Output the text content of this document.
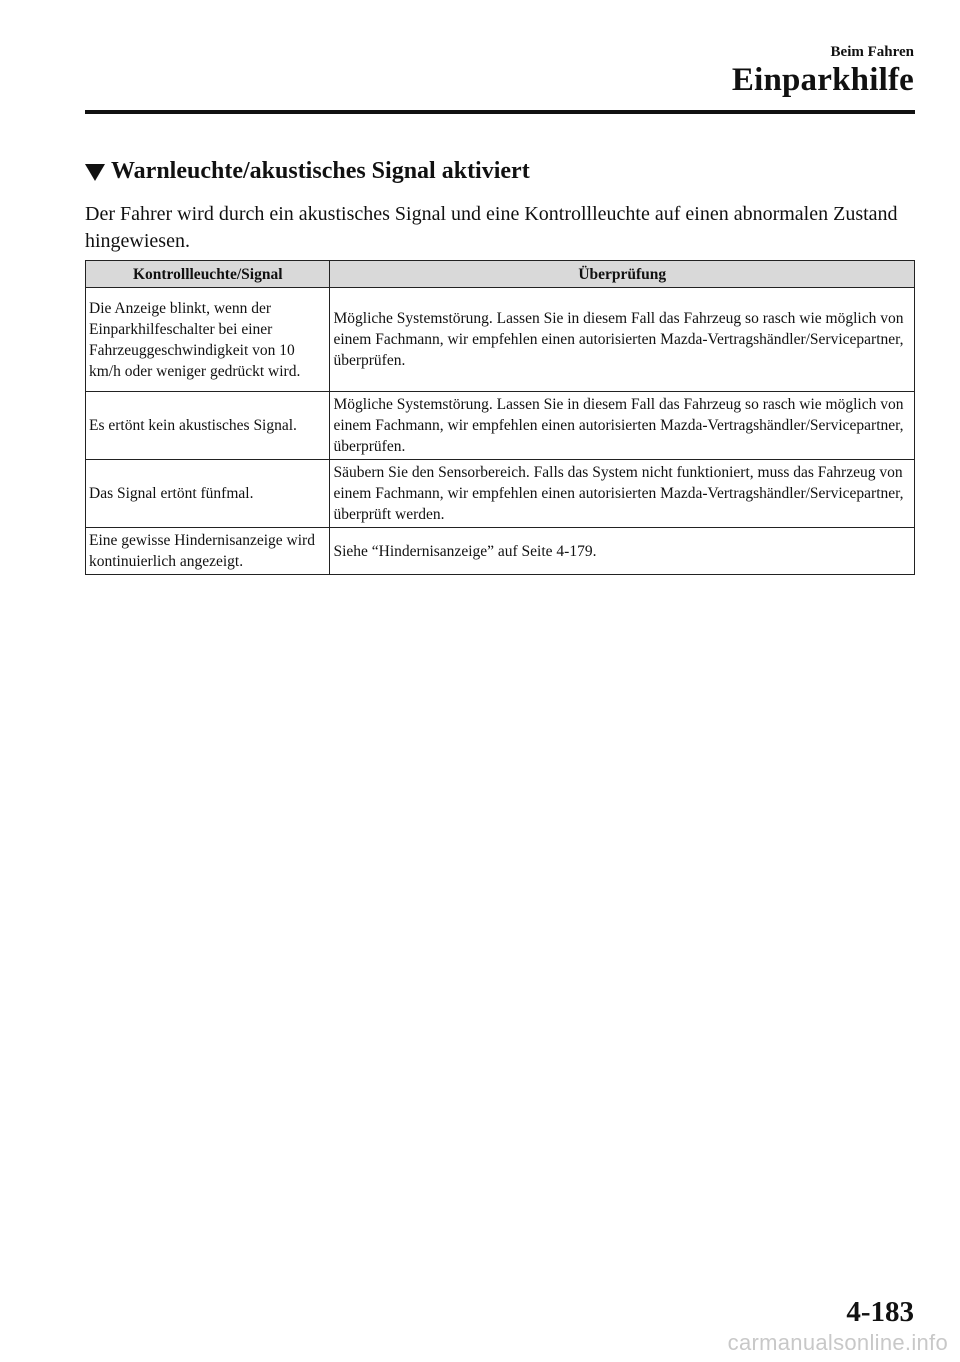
Beim Fahren
Einparkhilfe
Warnleuchte/akustisches Signal aktiviert
Der Fahrer wird durch ein akustisches Signal und eine Kontrollleuchte auf einen abnormalen Zustand hingewiesen.
Kontrollleuchte/Signal	Überprüfung
Die Anzeige blinkt, wenn der Einparkhilfeschalter bei einer Fahrzeuggeschwindigkeit von 10 km/h oder weniger gedrückt wird.	Mögliche Systemstörung. Lassen Sie in diesem Fall das Fahrzeug so rasch wie möglich von einem Fachmann, wir empfehlen einen autorisierten Mazda-Vertragshändler/Servicepartner, überprüfen.
Es ertönt kein akustisches Signal.	Mögliche Systemstörung. Lassen Sie in diesem Fall das Fahrzeug so rasch wie möglich von einem Fachmann, wir empfehlen einen autorisierten Mazda-Vertragshändler/Servicepartner, überprüfen.
Das Signal ertönt fünfmal.	Säubern Sie den Sensorbereich. Falls das System nicht funktioniert, muss das Fahrzeug von einem Fachmann, wir empfehlen einen autorisierten Mazda-Vertragshändler/Servicepartner, überprüft werden.
Eine gewisse Hindernisanzeige wird kontinuierlich angezeigt.	Siehe “Hindernisanzeige” auf Seite 4-179.
4-183
carmanualsonline.info
